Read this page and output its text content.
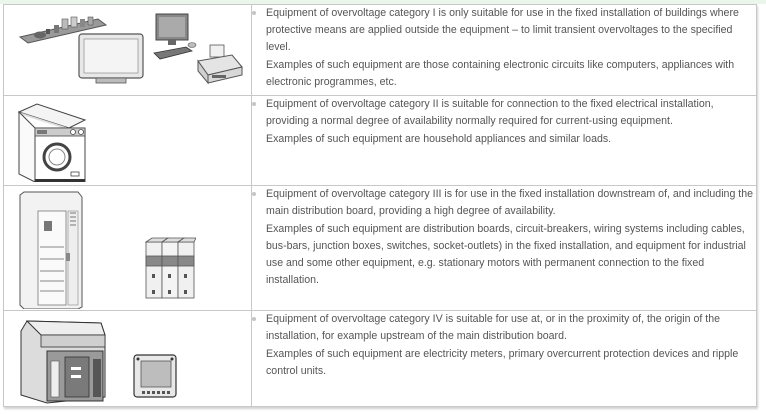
Equipment of overvoltage category I is only suitable for use in the fixed installation of buildings where protective means are applied outside the equipment – to limit transient overvoltages to the specified level.

Examples of such equipment are those containing electronic circuits like computers, appliances with electronic programmes, etc.

Equipment of overvoltage category II is suitable for connection to the fixed electrical installation, providing a normal degree of availability normally required for current-using equipment.

Examples of such equipment are household appliances and similar loads.

Equipment of overvoltage category III is for use in the fixed installation downstream of, and including the main distribution board, providing a high degree of availability.

Examples of such equipment are distribution boards, circuit-breakers, wiring systems including cables, bus-bars, junction boxes, switches, socket-outlets) in the fixed installation, and equipment for industrial use and some other equipment, e.g. stationary motors with permanent connection to the fixed installation.

Equipment of overvoltage category IV is suitable for use at, or in the proximity of, the origin of the installation, for example upstream of the main distribution board.

Examples of such equipment are electricity meters, primary overcurrent protection devices and ripple control units.
